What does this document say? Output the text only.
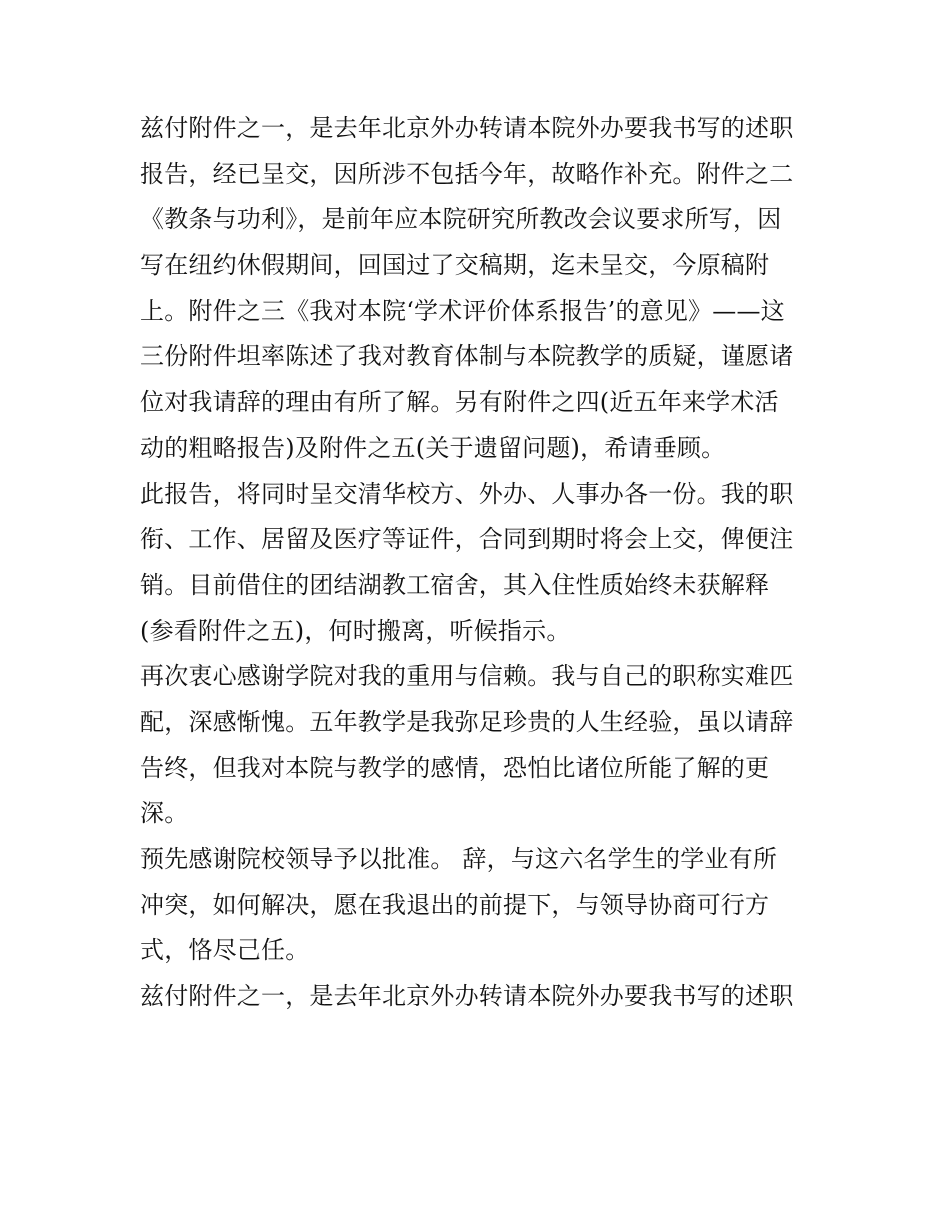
兹付附件之一，是去年北京外办转请本院外办要我书写的述职
报告，经已呈交，因所涉不包括今年，故略作补充。附件之二
《教条与功利》，是前年应本院研究所教改会议要求所写，因
写在纽约休假期间，回国过了交稿期，迄未呈交，今原稿附
上。附件之三《我对本院‘学术评价体系报告’的意见》——这
三份附件坦率陈述了我对教育体制与本院教学的质疑，谨愿诸
位对我请辞的理由有所了解。另有附件之四(近五年来学术活
动的粗略报告)及附件之五(关于遗留问题)，希请垂顾。
此报告，将同时呈交清华校方、外办、人事办各一份。我的职
衔、工作、居留及医疗等证件，合同到期时将会上交，俾便注
销。目前借住的团结湖教工宿舍，其入住性质始终未获解释
(参看附件之五)，何时搬离，听候指示。
再次衷心感谢学院对我的重用与信赖。我与自己的职称实难匹
配，深感惭愧。五年教学是我弥足珍贵的人生经验，虽以请辞
告终，但我对本院与教学的感情，恐怕比诸位所能了解的更
深。
预先感谢院校领导予以批准。 辞，与这六名学生的学业有所
冲突，如何解决，愿在我退出的前提下，与领导协商可行方
式，恪尽己任。
兹付附件之一，是去年北京外办转请本院外办要我书写的述职
